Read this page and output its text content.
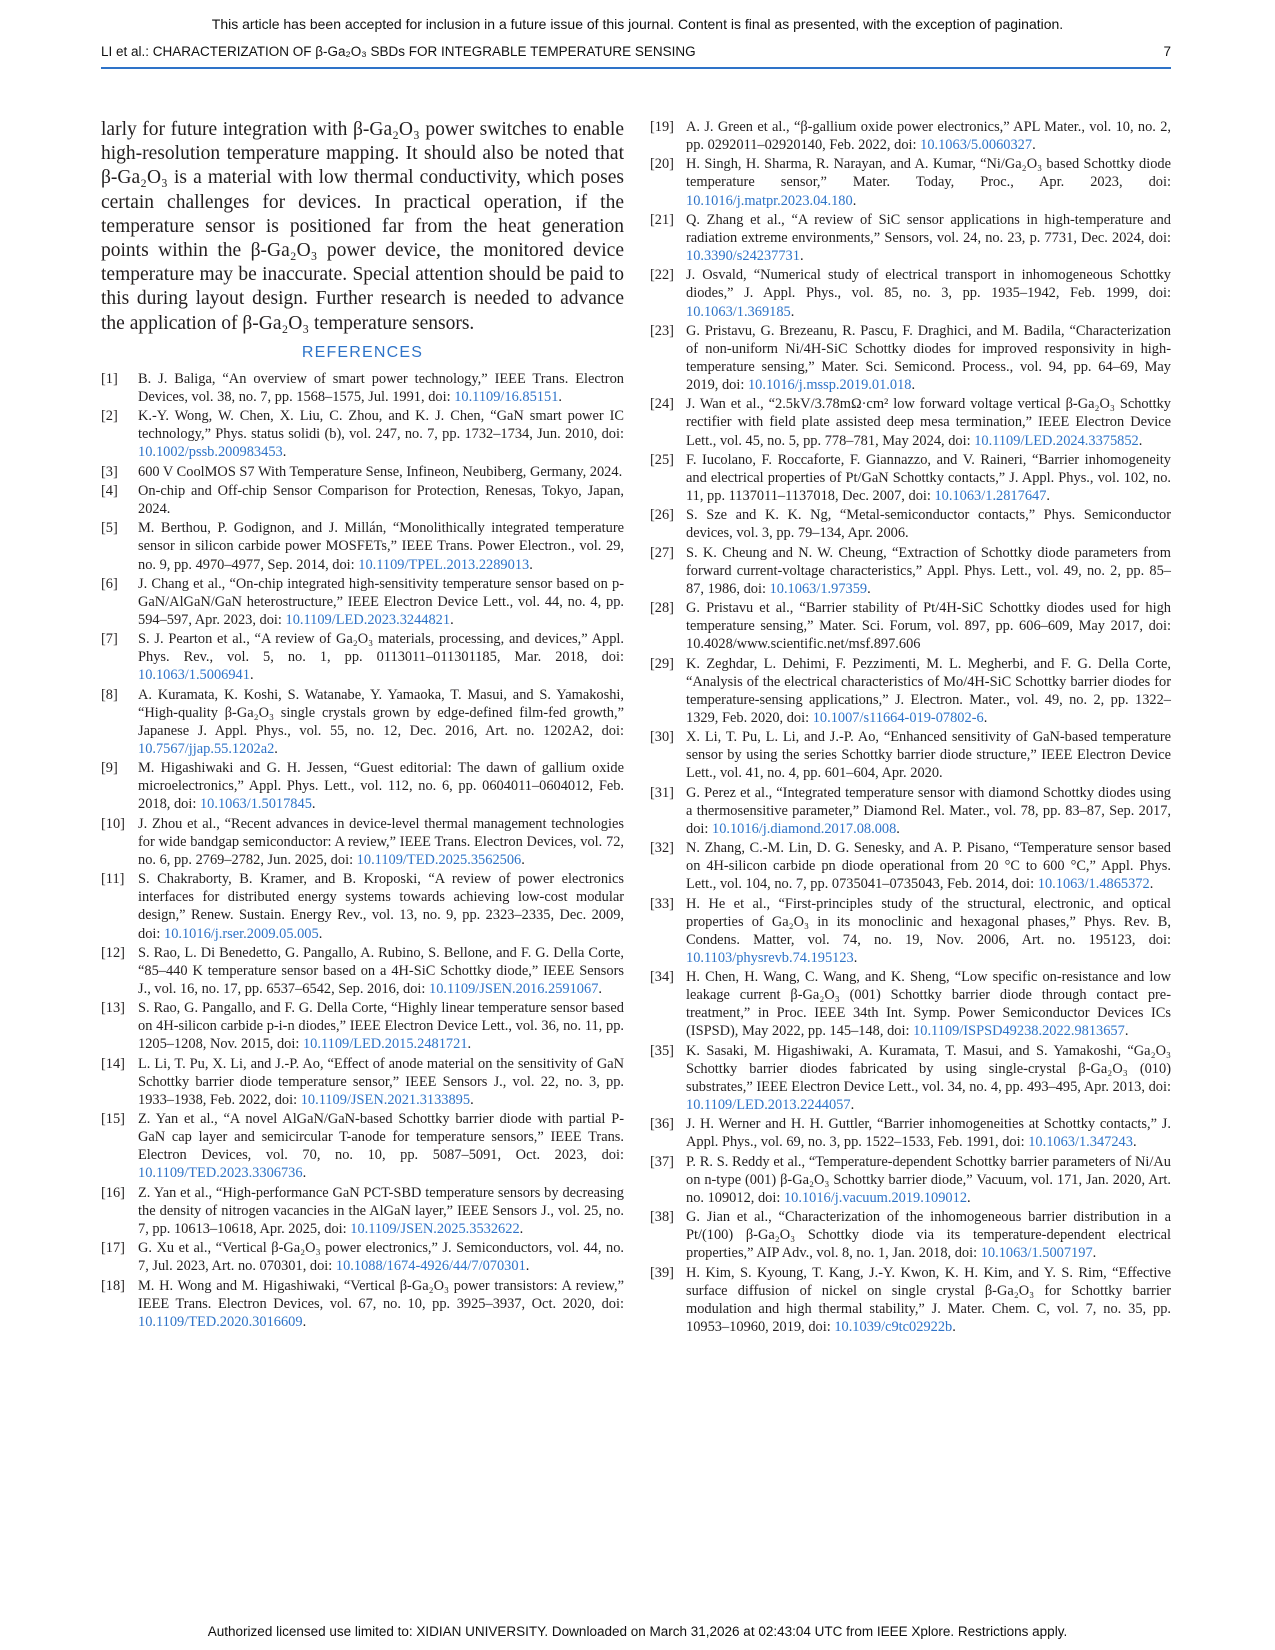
This article has been accepted for inclusion in a future issue of this journal. Content is final as presented, with the exception of pagination.
LI et al.: CHARACTERIZATION OF β-Ga₂O₃ SBDs FOR INTEGRABLE TEMPERATURE SENSING	7

larly for future integration with β-Ga₂O₃ power switches to enable high-resolution temperature mapping. It should also be noted that β-Ga₂O₃ is a material with low thermal conductivity, which poses certain challenges for devices. In practical operation, if the temperature sensor is positioned far from the heat generation points within the β-Ga₂O₃ power device, the monitored device temperature may be inaccurate. Special attention should be paid to this during layout design. Further research is needed to advance the application of β-Ga₂O₃ temperature sensors.

REFERENCES
[1]	B. J. Baliga, “An overview of smart power technology,” IEEE Trans. Electron Devices, vol. 38, no. 7, pp. 1568–1575, Jul. 1991, doi: 10.1109/16.85151.
[2]	K.-Y. Wong, W. Chen, X. Liu, C. Zhou, and K. J. Chen, “GaN smart power IC technology,” Phys. status solidi (b), vol. 247, no. 7, pp. 1732–1734, Jun. 2010, doi: 10.1002/pssb.200983453.
[3]	600 V CoolMOS S7 With Temperature Sense, Infineon, Neubiberg, Germany, 2024.
[4]	On-chip and Off-chip Sensor Comparison for Protection, Renesas, Tokyo, Japan, 2024.
[5]	M. Berthou, P. Godignon, and J. Millán, “Monolithically integrated temperature sensor in silicon carbide power MOSFETs,” IEEE Trans. Power Electron., vol. 29, no. 9, pp. 4970–4977, Sep. 2014, doi: 10.1109/TPEL.2013.2289013.
[6]	J. Chang et al., “On-chip integrated high-sensitivity temperature sensor based on p-GaN/AlGaN/GaN heterostructure,” IEEE Electron Device Lett., vol. 44, no. 4, pp. 594–597, Apr. 2023, doi: 10.1109/LED.2023.3244821.
[7]	S. J. Pearton et al., “A review of Ga₂O₃ materials, processing, and devices,” Appl. Phys. Rev., vol. 5, no. 1, pp. 0113011–011301185, Mar. 2018, doi: 10.1063/1.5006941.
[8]	A. Kuramata, K. Koshi, S. Watanabe, Y. Yamaoka, T. Masui, and S. Yamakoshi, “High-quality β-Ga₂O₃ single crystals grown by edge-defined film-fed growth,” Japanese J. Appl. Phys., vol. 55, no. 12, Dec. 2016, Art. no. 1202A2, doi: 10.7567/jjap.55.1202a2.
[9]	M. Higashiwaki and G. H. Jessen, “Guest editorial: The dawn of gallium oxide microelectronics,” Appl. Phys. Lett., vol. 112, no. 6, pp. 0604011–0604012, Feb. 2018, doi: 10.1063/1.5017845.
[10] J. Zhou et al., “Recent advances in device-level thermal management technologies for wide bandgap semiconductor: A review,” IEEE Trans. Electron Devices, vol. 72, no. 6, pp. 2769–2782, Jun. 2025, doi: 10.1109/TED.2025.3562506.
[11] S. Chakraborty, B. Kramer, and B. Kroposki, “A review of power electronics interfaces for distributed energy systems towards achieving low-cost modular design,” Renew. Sustain. Energy Rev., vol. 13, no. 9, pp. 2323–2335, Dec. 2009, doi: 10.1016/j.rser.2009.05.005.
[12] S. Rao, L. Di Benedetto, G. Pangallo, A. Rubino, S. Bellone, and F. G. Della Corte, “85–440 K temperature sensor based on a 4H-SiC Schottky diode,” IEEE Sensors J., vol. 16, no. 17, pp. 6537–6542, Sep. 2016, doi: 10.1109/JSEN.2016.2591067.
[13] S. Rao, G. Pangallo, and F. G. Della Corte, “Highly linear temperature sensor based on 4H-silicon carbide p-i-n diodes,” IEEE Electron Device Lett., vol. 36, no. 11, pp. 1205–1208, Nov. 2015, doi: 10.1109/LED.2015.2481721.
[14] L. Li, T. Pu, X. Li, and J.-P. Ao, “Effect of anode material on the sensitivity of GaN Schottky barrier diode temperature sensor,” IEEE Sensors J., vol. 22, no. 3, pp. 1933–1938, Feb. 2022, doi: 10.1109/JSEN.2021.3133895.
[15] Z. Yan et al., “A novel AlGaN/GaN-based Schottky barrier diode with partial P-GaN cap layer and semicircular T-anode for temperature sensors,” IEEE Trans. Electron Devices, vol. 70, no. 10, pp. 5087–5091, Oct. 2023, doi: 10.1109/TED.2023.3306736.
[16] Z. Yan et al., “High-performance GaN PCT-SBD temperature sensors by decreasing the density of nitrogen vacancies in the AlGaN layer,” IEEE Sensors J., vol. 25, no. 7, pp. 10613–10618, Apr. 2025, doi: 10.1109/JSEN.2025.3532622.
[17] G. Xu et al., “Vertical β-Ga₂O₃ power electronics,” J. Semiconductors, vol. 44, no. 7, Jul. 2023, Art. no. 070301, doi: 10.1088/1674-4926/44/7/070301.
[18] M. H. Wong and M. Higashiwaki, “Vertical β-Ga₂O₃ power transistors: A review,” IEEE Trans. Electron Devices, vol. 67, no. 10, pp. 3925–3937, Oct. 2020, doi: 10.1109/TED.2020.3016609.
[19] A. J. Green et al., “β-gallium oxide power electronics,” APL Mater., vol. 10, no. 2, pp. 0292011–02920140, Feb. 2022, doi: 10.1063/5.0060327.
[20] H. Singh, H. Sharma, R. Narayan, and A. Kumar, “Ni/Ga₂O₃ based Schottky diode temperature sensor,” Mater. Today, Proc., Apr. 2023, doi: 10.1016/j.matpr.2023.04.180.
[21] Q. Zhang et al., “A review of SiC sensor applications in high-temperature and radiation extreme environments,” Sensors, vol. 24, no. 23, p. 7731, Dec. 2024, doi: 10.3390/s24237731.
[22] J. Osvald, “Numerical study of electrical transport in inhomogeneous Schottky diodes,” J. Appl. Phys., vol. 85, no. 3, pp. 1935–1942, Feb. 1999, doi: 10.1063/1.369185.
[23] G. Pristavu, G. Brezeanu, R. Pascu, F. Draghici, and M. Badila, “Characterization of non-uniform Ni/4H-SiC Schottky diodes for improved responsivity in high-temperature sensing,” Mater. Sci. Semicond. Process., vol. 94, pp. 64–69, May 2019, doi: 10.1016/j.mssp.2019.01.018.
[24] J. Wan et al., “2.5kV/3.78mΩ·cm² low forward voltage vertical β-Ga₂O₃ Schottky rectifier with field plate assisted deep mesa termination,” IEEE Electron Device Lett., vol. 45, no. 5, pp. 778–781, May 2024, doi: 10.1109/LED.2024.3375852.
[25] F. Iucolano, F. Roccaforte, F. Giannazzo, and V. Raineri, “Barrier inhomogeneity and electrical properties of Pt/GaN Schottky contacts,” J. Appl. Phys., vol. 102, no. 11, pp. 1137011–1137018, Dec. 2007, doi: 10.1063/1.2817647.
[26] S. Sze and K. K. Ng, “Metal-semiconductor contacts,” Phys. Semiconductor devices, vol. 3, pp. 79–134, Apr. 2006.
[27] S. K. Cheung and N. W. Cheung, “Extraction of Schottky diode parameters from forward current-voltage characteristics,” Appl. Phys. Lett., vol. 49, no. 2, pp. 85–87, 1986, doi: 10.1063/1.97359.
[28] G. Pristavu et al., “Barrier stability of Pt/4H-SiC Schottky diodes used for high temperature sensing,” Mater. Sci. Forum, vol. 897, pp. 606–609, May 2017, doi: 10.4028/www.scientific.net/msf.897.606
[29] K. Zeghdar, L. Dehimi, F. Pezzimenti, M. L. Megherbi, and F. G. Della Corte, “Analysis of the electrical characteristics of Mo/4H-SiC Schottky barrier diodes for temperature-sensing applications,” J. Electron. Mater., vol. 49, no. 2, pp. 1322–1329, Feb. 2020, doi: 10.1007/s11664-019-07802-6.
[30] X. Li, T. Pu, L. Li, and J.-P. Ao, “Enhanced sensitivity of GaN-based temperature sensor by using the series Schottky barrier diode structure,” IEEE Electron Device Lett., vol. 41, no. 4, pp. 601–604, Apr. 2020.
[31] G. Perez et al., “Integrated temperature sensor with diamond Schottky diodes using a thermosensitive parameter,” Diamond Rel. Mater., vol. 78, pp. 83–87, Sep. 2017, doi: 10.1016/j.diamond.2017.08.008.
[32] N. Zhang, C.-M. Lin, D. G. Senesky, and A. P. Pisano, “Temperature sensor based on 4H-silicon carbide pn diode operational from 20 °C to 600 °C,” Appl. Phys. Lett., vol. 104, no. 7, pp. 0735041–0735043, Feb. 2014, doi: 10.1063/1.4865372.
[33] H. He et al., “First-principles study of the structural, electronic, and optical properties of Ga₂O₃ in its monoclinic and hexagonal phases,” Phys. Rev. B, Condens. Matter, vol. 74, no. 19, Nov. 2006, Art. no. 195123, doi: 10.1103/physrevb.74.195123.
[34] H. Chen, H. Wang, C. Wang, and K. Sheng, “Low specific on-resistance and low leakage current β-Ga₂O₃ (001) Schottky barrier diode through contact pre-treatment,” in Proc. IEEE 34th Int. Symp. Power Semiconductor Devices ICs (ISPSD), May 2022, pp. 145–148, doi: 10.1109/ISPSD49238.2022.9813657.
[35] K. Sasaki, M. Higashiwaki, A. Kuramata, T. Masui, and S. Yamakoshi, “Ga₂O₃ Schottky barrier diodes fabricated by using single-crystal β-Ga₂O₃ (010) substrates,” IEEE Electron Device Lett., vol. 34, no. 4, pp. 493–495, Apr. 2013, doi: 10.1109/LED.2013.2244057.
[36] J. H. Werner and H. H. Guttler, “Barrier inhomogeneities at Schottky contacts,” J. Appl. Phys., vol. 69, no. 3, pp. 1522–1533, Feb. 1991, doi: 10.1063/1.347243.
[37] P. R. S. Reddy et al., “Temperature-dependent Schottky barrier parameters of Ni/Au on n-type (001) β-Ga₂O₃ Schottky barrier diode,” Vacuum, vol. 171, Jan. 2020, Art. no. 109012, doi: 10.1016/j.vacuum.2019.109012.
[38] G. Jian et al., “Characterization of the inhomogeneous barrier distribution in a Pt/(100) β-Ga₂O₃ Schottky diode via its temperature-dependent electrical properties,” AIP Adv., vol. 8, no. 1, Jan. 2018, doi: 10.1063/1.5007197.
[39] H. Kim, S. Kyoung, T. Kang, J.-Y. Kwon, K. H. Kim, and Y. S. Rim, “Effective surface diffusion of nickel on single crystal β-Ga₂O₃ for Schottky barrier modulation and high thermal stability,” J. Mater. Chem. C, vol. 7, no. 35, pp. 10953–10960, 2019, doi: 10.1039/c9tc02922b.
Authorized licensed use limited to: XIDIAN UNIVERSITY. Downloaded on March 31,2026 at 02:43:04 UTC from IEEE Xplore. Restrictions apply.
